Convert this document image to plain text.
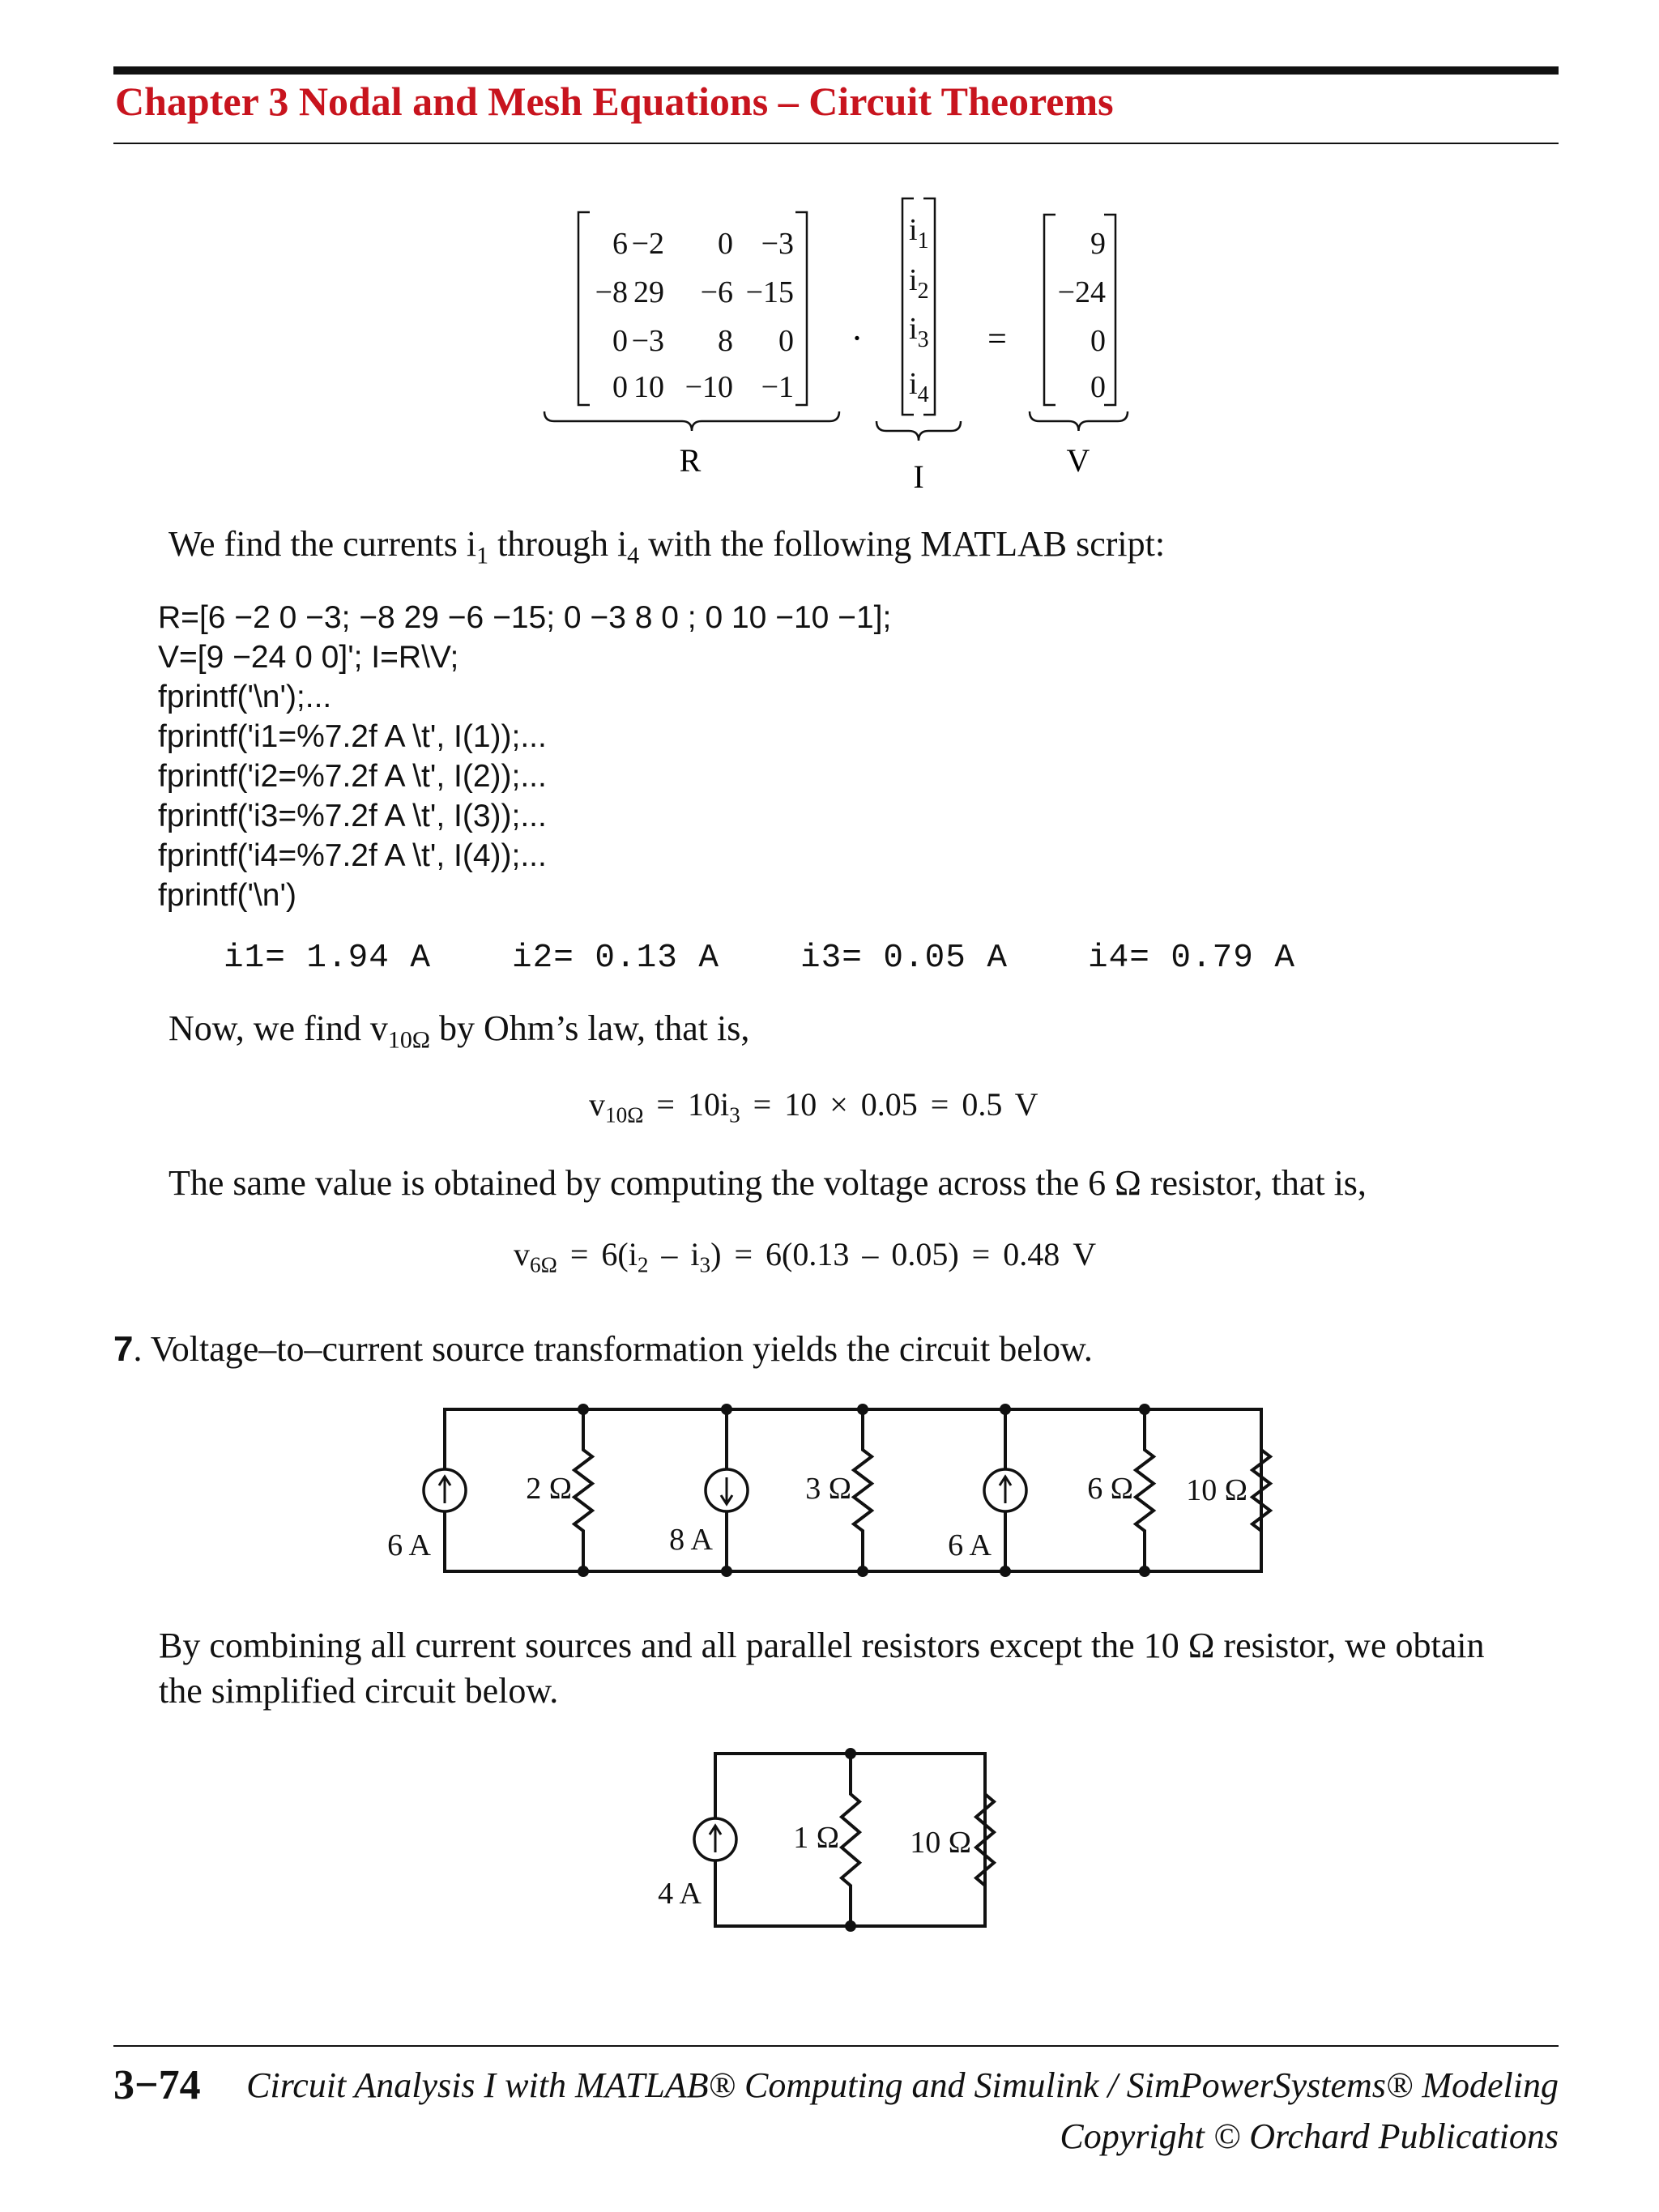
Chapter 3 Nodal and Mesh Equations – Circuit Theorems
6 −2 0 −3
−8 29 −6 −15
0 −3 8 0
0 10 −10 −1
$i_1$
$i_2$
$i_3$
$i_4$
9
−24
0
0
·	=
R	I	V
We find the currents $i_1$ through $i_4$ with the following MATLAB script:
R=[6 −2 0 −3; −8 29 −6 −15; 0 −3 8 0 ; 0 10 −10 −1];
V=[9 −24 0 0]'; I=R\V;
fprintf('\n');...
fprintf('i1=%7.2f A \t', I(1));...
fprintf('i2=%7.2f A \t', I(2));...
fprintf('i3=%7.2f A \t', I(3));...
fprintf('i4=%7.2f A \t', I(4));...
fprintf('\n')
i1= 1.94 A i2= 0.13 A i3= 0.05 A i4= 0.79 A
Now, we find $v_{10\Omega}$ by Ohm’s law, that is,
$v_{10\Omega} = 10i_3 = 10 \times 0.05 = 0.5$ V
The same value is obtained by computing the voltage across the 6 Ω resistor, that is,
$v_{6\Omega} = 6(i_2 - i_3) = 6(0.13 - 0.05) = 0.48$ V
7. Voltage–to–current source transformation yields the circuit below.
6 A	8 A	6 A
2 Ω	3 Ω	6 Ω 10 Ω
By combining all current sources and all parallel resistors except the 10 Ω resistor, we obtain
the simplified circuit below.
4 A
1 Ω 10 Ω
3−74 Circuit Analysis I with MATLAB® Computing and Simulink / SimPowerSystems® Modeling
Copyright © Orchard Publications
